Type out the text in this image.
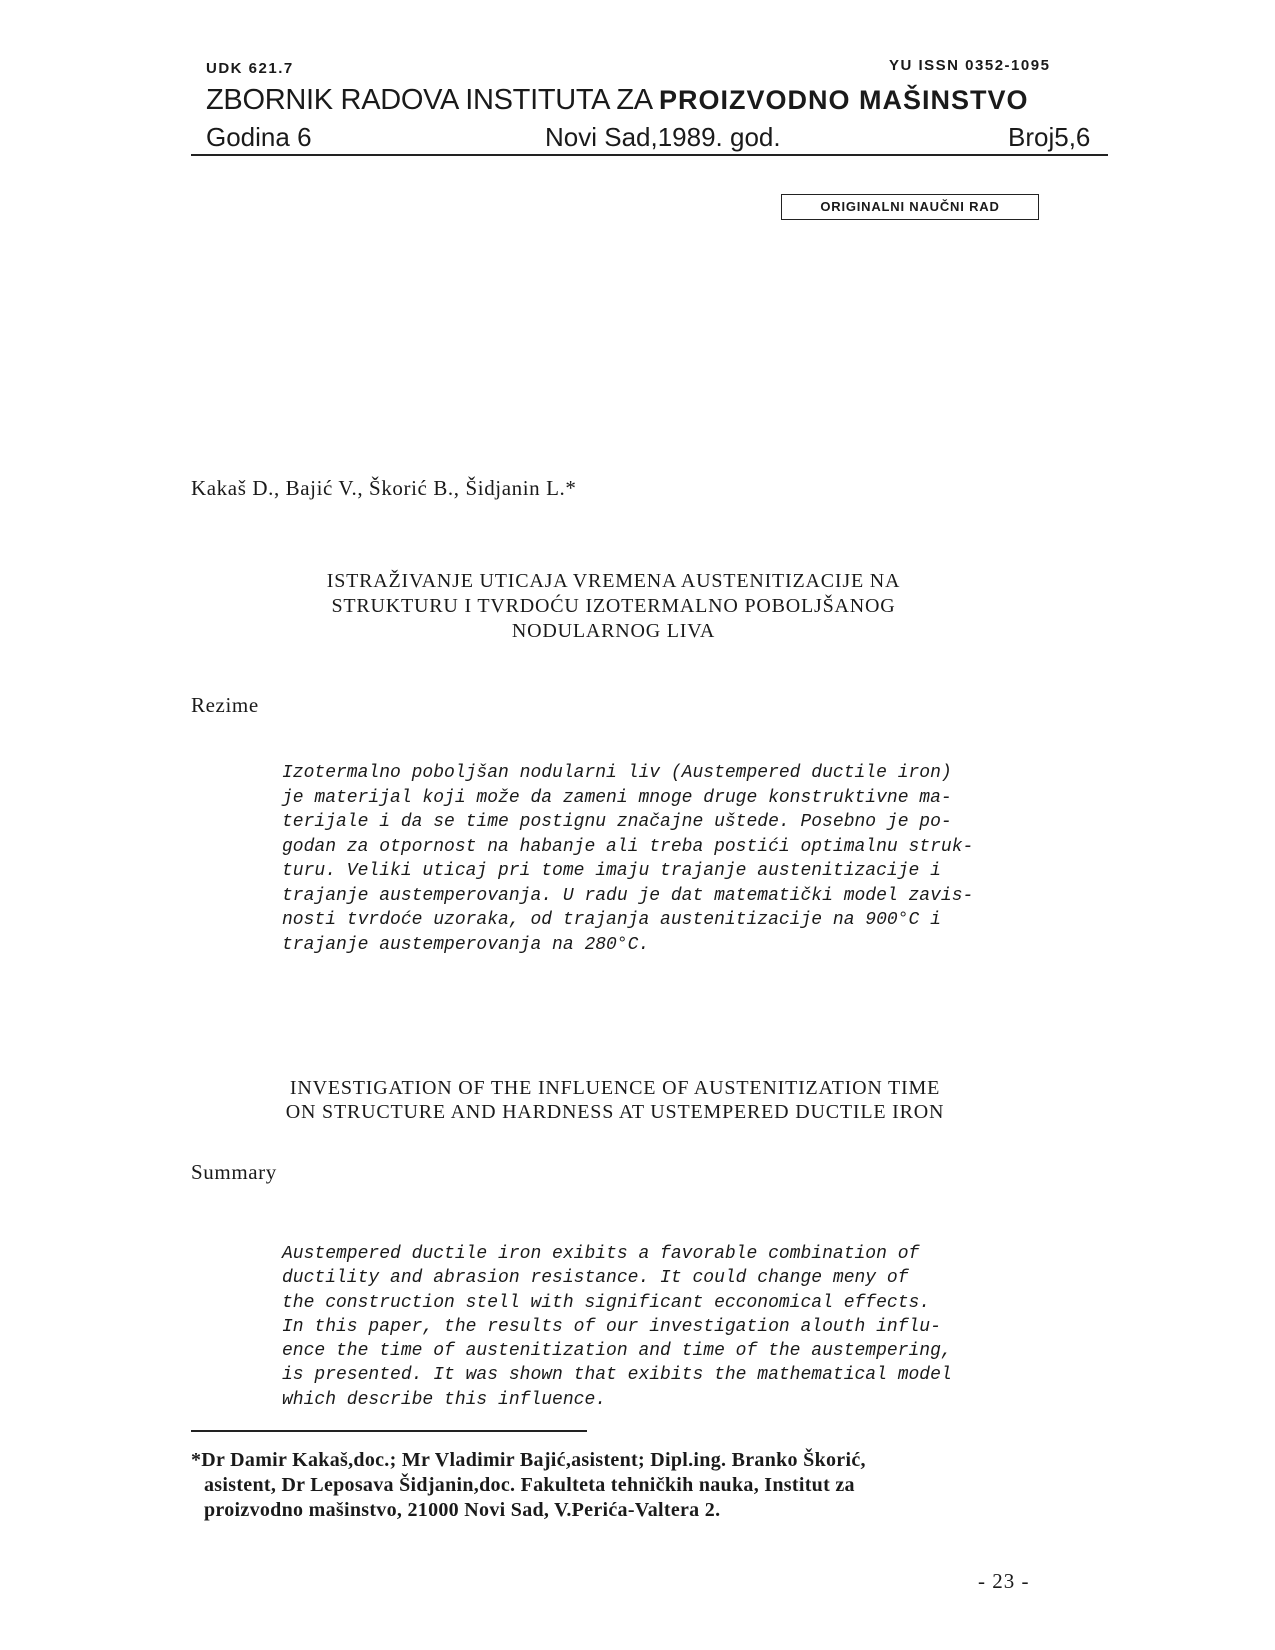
UDK 621.7	YU ISSN 0352-1095
ZBORNIK RADOVA INSTITUTA ZA PROIZVODNO MAŠINSTVO
Godina 6	Novi Sad,1989. god.	Broj5,6
ORIGINALNI NAUČNI RAD
Kakaš D., Bajić V., Škorić B., Šidjanin L.*
ISTRAŽIVANJE UTICAJA VREMENA AUSTENITIZACIJE NA
STRUKTURU I TVRDOĆU IZOTERMALNO POBOLJŠANOG
NODULARNOG LIVA
Rezime
Izotermalno poboljšan nodularni liv (Austempered ductile iron)
je materijal koji može da zameni mnoge druge konstruktivne ma-
terijale i da se time postignu značajne uštede. Posebno je po-
godan za otpornost na habanje ali treba postići optimalnu struk-
turu. Veliki uticaj pri tome imaju trajanje austenitizacije i
trajanje austemperovanja. U radu je dat matematički model zavis-
nosti tvrdoće uzoraka, od trajanja austenitizacije na 900°C i
trajanje austemperovanja na 280°C.
INVESTIGATION OF THE INFLUENCE OF AUSTENITIZATION TIME
ON STRUCTURE AND HARDNESS AT USTEMPERED DUCTILE IRON
Summary
Austempered ductile iron exibits a favorable combination of
ductility and abrasion resistance. It could change meny of
the construction stell with significant ecconomical effects.
In this paper, the results of our investigation alouth influ-
ence the time of austenitization and time of the austempering,
is presented. It was shown that exibits the mathematical model
which describe this influence.
*Dr Damir Kakaš,doc.; Mr Vladimir Bajić,asistent; Dipl.ing. Branko Škorić,
asistent, Dr Leposava Šidjanin,doc. Fakulteta tehničkih nauka, Institut za
proizvodno mašinstvo, 21000 Novi Sad, V.Perića-Valtera 2.
- 23 -
